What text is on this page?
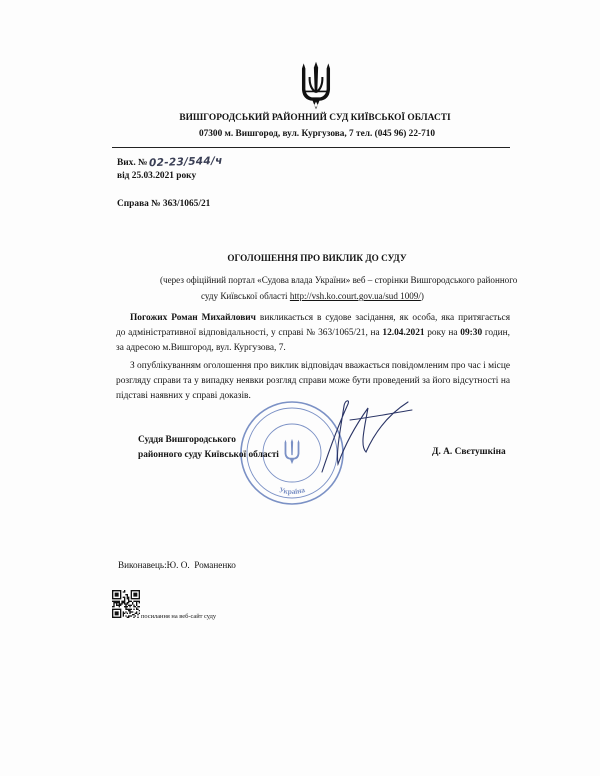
ВИШГОРОДСЬКИЙ РАЙОННИЙ СУД КИЇВСЬКОЇ ОБЛАСТІ
07300 м. Вишгород, вул. Кургузова, 7 тел. (045 96) 22-710
Вих. № 02-23/544/ч
від 25.03.2021 року
Справа № 363/1065/21
ОГОЛОШЕННЯ ПРО ВИКЛИК ДО СУДУ
(через офіційний портал «Судова влада України» веб – сторінки Вишгородського районного
суду Київської області http://vsh.ko.court.gov.ua/sud 1009/)
Погожих Роман Михайлович викликається в судове засідання, як особа, яка притягається
до адміністративної відповідальності, у справі № 363/1065/21, на 12.04.2021 року на 09:30 годин,
за адресою м.Вишгород, вул. Кургузова, 7.
З опублікуванням оголошення про виклик відповідач вважається повідомленим про час і місце
розгляду справи та у випадку неявки розгляд справи може бути проведений за його відсутності на
підставі наявних у справі доказів.
Україна
Суддя Вишгородського
районного суду Київської області	Д. А. Свєтушкіна
Виконавець:Ю. О.  Романенко
посилання на веб-сайт суду
